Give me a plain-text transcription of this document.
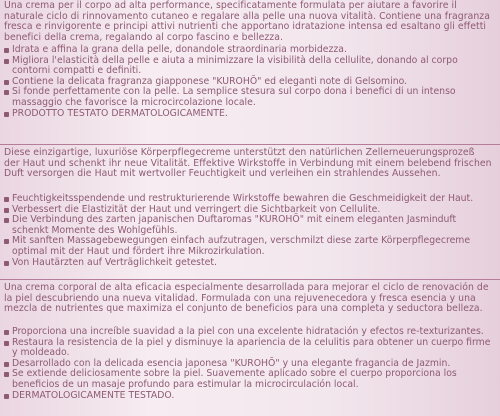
Una crema per il corpo ad alta performance, specificatamente formulata per aiutare a favorire il naturale ciclo di rinnovamento cutaneo e regalare alla pelle una nuova vitalità. Contiene una fragranza fresca e rinvigorente e principi attivi nutrienti che apportano idratazione intensa ed esaltano gli effetti benefici della crema, regalando al corpo fascino e bellezza.

Idrata e affina la grana della pelle, donandole straordinaria morbidezza.
Migliora l'elasticità della pelle e aiuta a minimizzare la visibilità della cellulite, donando al corpo contorni compatti e definiti.
Contiene la delicata fragranza giapponese "KUROHŌ" ed eleganti note di Gelsomino.
Si fonde perfettamente con la pelle. La semplice stesura sul corpo dona i benefici di un intenso massaggio che favorisce la microcircolazione locale.
PRODOTTO TESTATO DERMATOLOGICAMENTE.

Diese einzigartige, luxuriöse Körperpflegecreme unterstützt den natürlichen Zellerneuerungsprozeß der Haut und schenkt ihr neue Vitalität. Effektive Wirkstoffe in Verbindung mit einem belebend frischen Duft versorgen die Haut mit wertvoller Feuchtigkeit und verleihen ein strahlendes Aussehen.

Feuchtigkeitsspendende und restrukturierende Wirkstoffe bewahren die Geschmeidigkeit der Haut.
Verbessert die Elastizität der Haut und verringert die Sichtbarkeit von Cellulite.
Die Verbindung des zarten japanischen Duftaromas "KUROHŌ" mit einem eleganten Jasminduft schenkt Momente des Wohlgefühls.
Mit sanften Massagebewegungen einfach aufzutragen, verschmilzt diese zarte Körperpflegecreme optimal mit der Haut und fördert ihre Mikrozirkulation.
Von Hautärzten auf Verträglichkeit getestet.

Una crema corporal de alta eficacia especialmente desarrollada para mejorar el ciclo de renovación de la piel descubriendo una nueva vitalidad. Formulada con una rejuvenecedora y fresca esencia y una mezcla de nutrientes que maximiza el conjunto de beneficios para una completa y seductora belleza.

Proporciona una increíble suavidad a la piel con una excelente hidratación y efectos re-texturizantes.
Restaura la resistencia de la piel y disminuye la apariencia de la celulitis para obtener un cuerpo firme y moldeado.
Desarrollado con la delicada esencia japonesa "KUROHŌ" y una elegante fragancia de Jazmin.
Se extiende deliciosamente sobre la piel. Suavemente aplicado sobre el cuerpo proporciona los beneficios de un masaje profundo para estimular la microcirculación local.
DERMATOLOGICAMENTE TESTADO.
